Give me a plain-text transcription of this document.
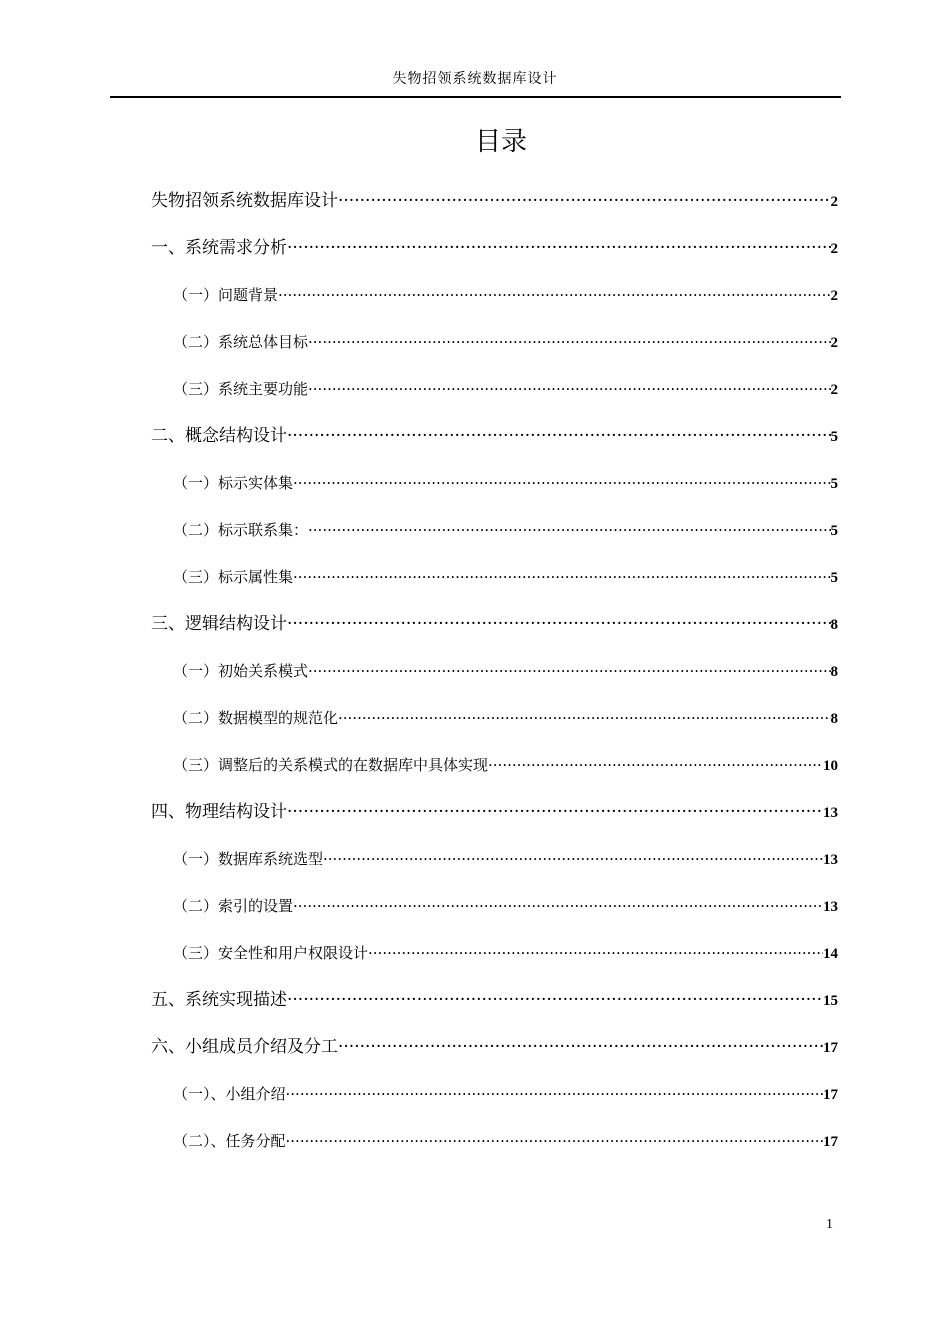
失物招领系统数据库设计
目录
失物招领系统数据库设计 ·····	2
一、系统需求分析 ·····	2
（一）问题背景 ·····	2
（二）系统总体目标 ·····	2
（三）系统主要功能 ·····	2
二、概念结构设计 ·····	5
（一）标示实体集 ·····	5
（二）标示联系集： ·····	5
（三）标示属性集 ·····	5
三、逻辑结构设计 ·····	8
（一）初始关系模式 ·····	8
（二）数据模型的规范化 ·····	8
（三）调整后的关系模式的在数据库中具体实现 ·····	10
四、物理结构设计 ·····	13
（一）数据库系统选型 ·····	13
（二）索引的设置 ·····	13
（三）安全性和用户权限设计 ·····	14
五、系统实现描述 ·····	15
六、小组成员介绍及分工 ·····	17
（一）、小组介绍 ·····	17
（二）、任务分配 ·····	17
1
